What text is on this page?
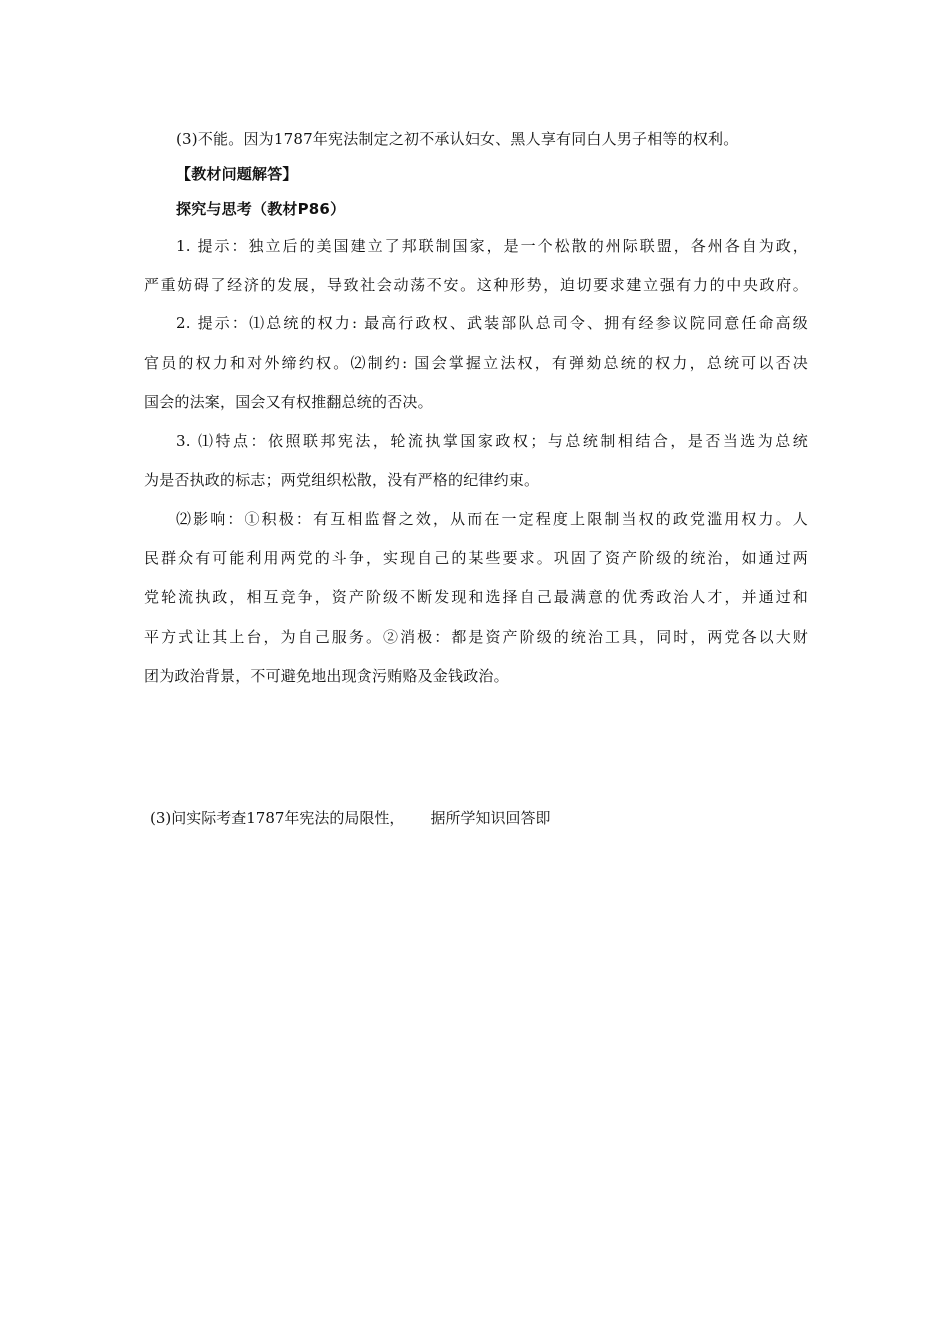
(3)不能。因为1787年宪法制定之初不承认妇女、黑人享有同白人男子相等的权利。
【教材问题解答】
探究与思考（教材P86）
1. 提示：独立后的美国建立了邦联制国家，是一个松散的州际联盟，各州各自为政，
严重妨碍了经济的发展，导致社会动荡不安。这种形势，迫切要求建立强有力的中央政府。
2. 提示：⑴总统的权力: 最高行政权、武装部队总司令、拥有经参议院同意任命高级
官员的权力和对外缔约权。⑵制约: 国会掌握立法权，有弹劾总统的权力，总统可以否决
国会的法案，国会又有权推翻总统的否决。
3. ⑴特点：依照联邦宪法，轮流执掌国家政权；与总统制相结合，是否当选为总统
为是否执政的标志；两党组织松散，没有严格的纪律约束。
⑵影响：①积极：有互相监督之效，从而在一定程度上限制当权的政党滥用权力。人
民群众有可能利用两党的斗争，实现自己的某些要求。巩固了资产阶级的统治，如通过两
党轮流执政，相互竞争，资产阶级不断发现和选择自己最满意的优秀政治人才，并通过和
平方式让其上台，为自己服务。②消极：都是资产阶级的统治工具，同时，两党各以大财
团为政治背景，不可避免地出现贪污贿赂及金钱政治。
(3)问实际考查1787年宪法的局限性， 据所学知识回答即
